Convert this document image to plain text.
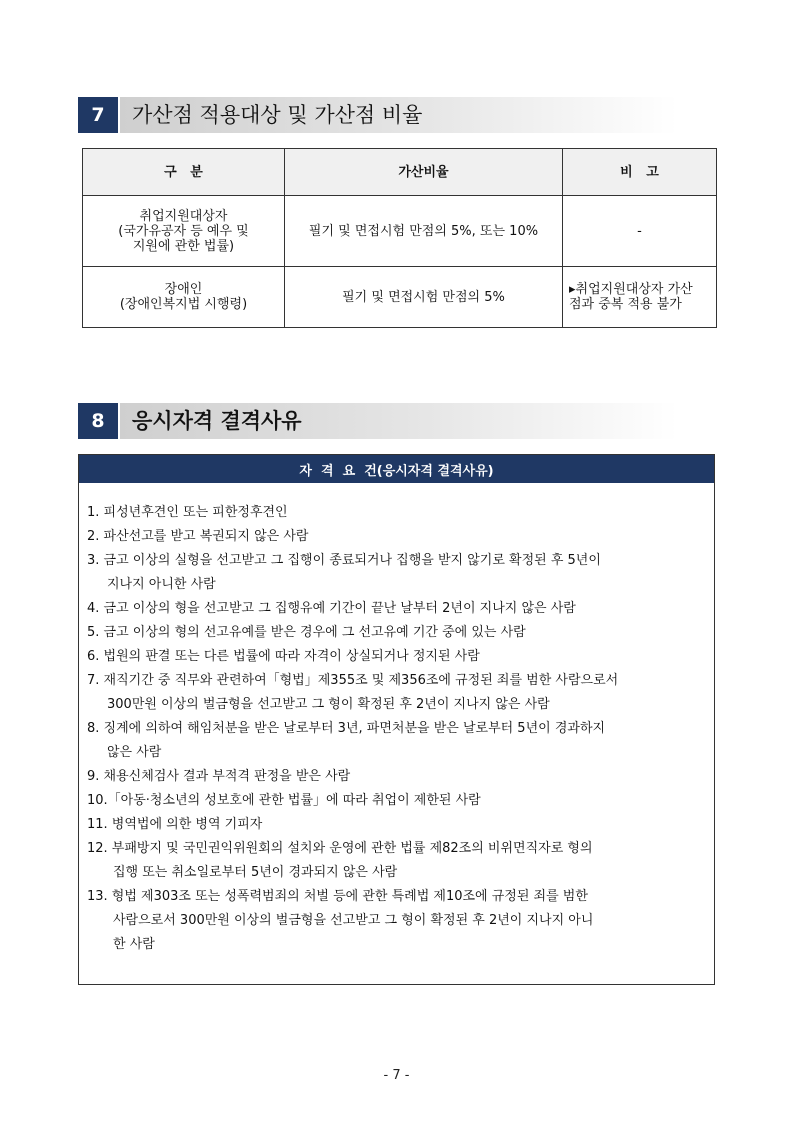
7	가산점 적용대상 및 가산점 비율
구   분	가산비율	비   고

취업지원대상자
(국가유공자 등 예우 및
지원에 관한 법률)	필기 및 면접시험 만점의 5%, 또는 10%	-

장애인
(장애인복지법 시행령)	필기 및 면접시험 만점의 5%	▸취업지원대상자 가산
점과 중복 적용 불가
8	응시자격 결격사유
자  격  요  건(응시자격 결격사유)
1. 피성년후견인 또는 피한정후견인
2. 파산선고를 받고 복권되지 않은 사람
3. 금고 이상의 실형을 선고받고 그 집행이 종료되거나 집행을 받지 않기로 확정된 후 5년이
지나지 아니한 사람
4. 금고 이상의 형을 선고받고 그 집행유예 기간이 끝난 날부터 2년이 지나지 않은 사람
5. 금고 이상의 형의 선고유예를 받은 경우에 그 선고유예 기간 중에 있는 사람
6. 법원의 판결 또는 다른 법률에 따라 자격이 상실되거나 정지된 사람
7. 재직기간 중 직무와 관련하여「형법」제355조 및 제356조에 규정된 죄를 범한 사람으로서
300만원 이상의 벌금형을 선고받고 그 형이 확정된 후 2년이 지나지 않은 사람
8. 징계에 의하여 해임처분을 받은 날로부터 3년, 파면처분을 받은 날로부터 5년이 경과하지
않은 사람
9. 채용신체검사 결과 부적격 판정을 받은 사람
10.「아동·청소년의 성보호에 관한 법률」에 따라 취업이 제한된 사람
11. 병역법에 의한 병역 기피자
12. 부패방지 및 국민권익위원회의 설치와 운영에 관한 법률 제82조의 비위면직자로 형의
집행 또는 취소일로부터 5년이 경과되지 않은 사람
13. 형법 제303조 또는 성폭력범죄의 처벌 등에 관한 특례법 제10조에 규정된 죄를 범한
사람으로서 300만원 이상의 벌금형을 선고받고 그 형이 확정된 후 2년이 지나지 아니
한 사람
- 7 -
